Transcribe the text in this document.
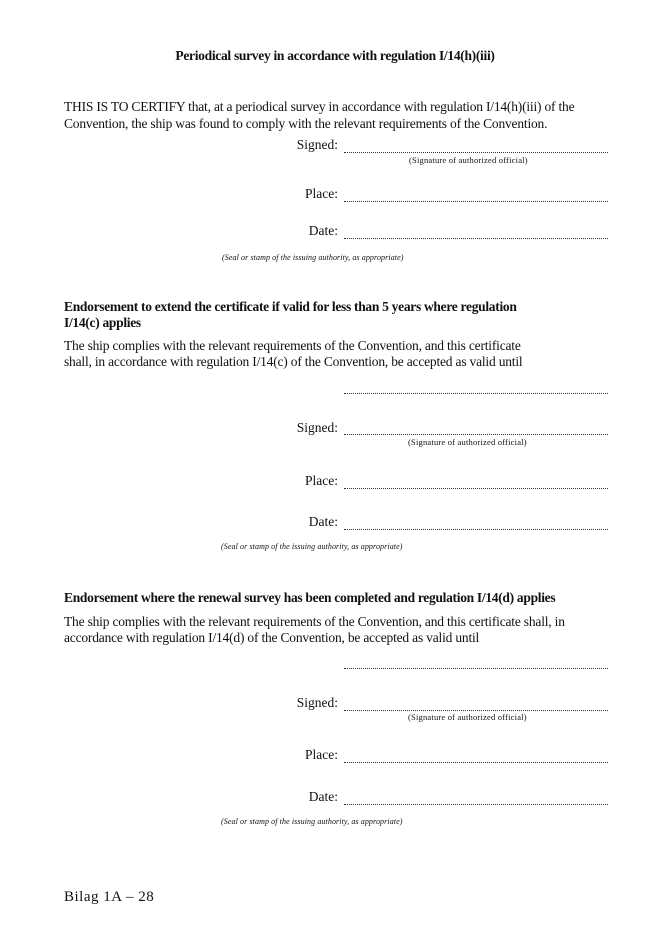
Periodical survey in accordance with regulation I/14(h)(iii)
THIS IS TO CERTIFY that, at a periodical survey in accordance with regulation I/14(h)(iii) of the
Convention, the ship was found to comply with the relevant requirements of the Convention.
Signed:
(Signature of authorized official)
Place:
Date:
(Seal or stamp of the issuing authority, as appropriate)
Endorsement to extend the certificate if valid for less than 5 years where regulation
I/14(c) applies
The ship complies with the relevant requirements of the Convention, and this certificate
shall, in accordance with regulation I/14(c) of the Convention, be accepted as valid until
Signed:
(Signature of authorized official)
Place:
Date:
(Seal or stamp of the issuing authority, as appropriate)
Endorsement where the renewal survey has been completed and regulation I/14(d) applies
The ship complies with the relevant requirements of the Convention, and this certificate shall, in
accordance with regulation I/14(d) of the Convention, be accepted as valid until
Signed:
(Signature of authorized official)
Place:
Date:
(Seal or stamp of the issuing authority, as appropriate)
Bilag 1A – 28
